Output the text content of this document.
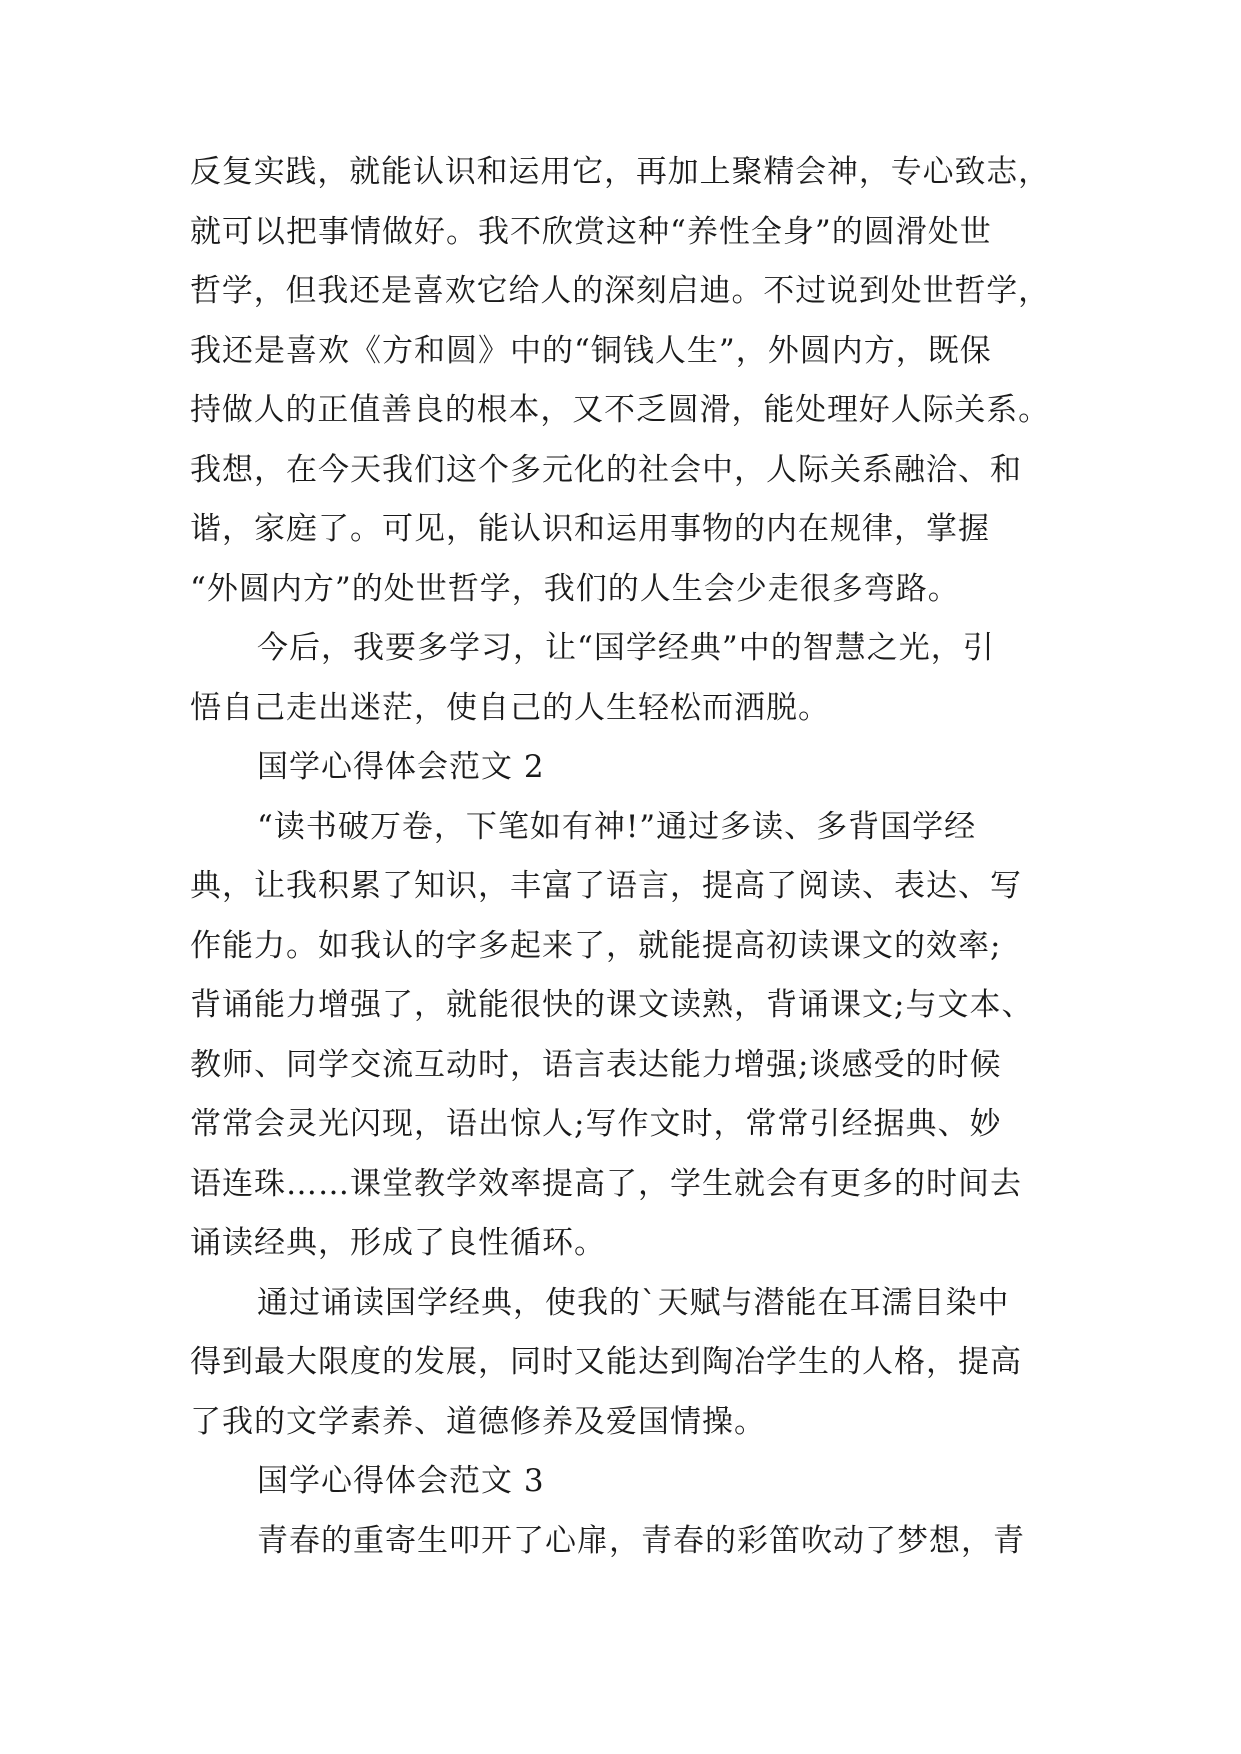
反复实践，就能认识和运用它，再加上聚精会神，专心致志，
就可以把事情做好。我不欣赏这种“养性全身”的圆滑处世
哲学，但我还是喜欢它给人的深刻启迪。不过说到处世哲学，
我还是喜欢《方和圆》中的“铜钱人生”，外圆内方，既保
持做人的正值善良的根本，又不乏圆滑，能处理好人际关系。
我想，在今天我们这个多元化的社会中，人际关系融洽、和
谐，家庭了。可见，能认识和运用事物的内在规律，掌握
“外圆内方”的处世哲学，我们的人生会少走很多弯路。
今后，我要多学习，让“国学经典”中的智慧之光，引
悟自己走出迷茫，使自己的人生轻松而洒脱。
国学心得体会范文 2
“读书破万卷，下笔如有神!”通过多读、多背国学经
典，让我积累了知识，丰富了语言，提高了阅读、表达、写
作能力。如我认的字多起来了，就能提高初读课文的效率;
背诵能力增强了，就能很快的课文读熟，背诵课文;与文本、
教师、同学交流互动时，语言表达能力增强;谈感受的时候
常常会灵光闪现，语出惊人;写作文时，常常引经据典、妙
语连珠……课堂教学效率提高了，学生就会有更多的时间去
诵读经典，形成了良性循环。
通过诵读国学经典，使我的`天赋与潜能在耳濡目染中
得到最大限度的发展，同时又能达到陶冶学生的人格，提高
了我的文学素养、道德修养及爱国情操。
国学心得体会范文 3
青春的重寄生叩开了心扉，青春的彩笛吹动了梦想，青
